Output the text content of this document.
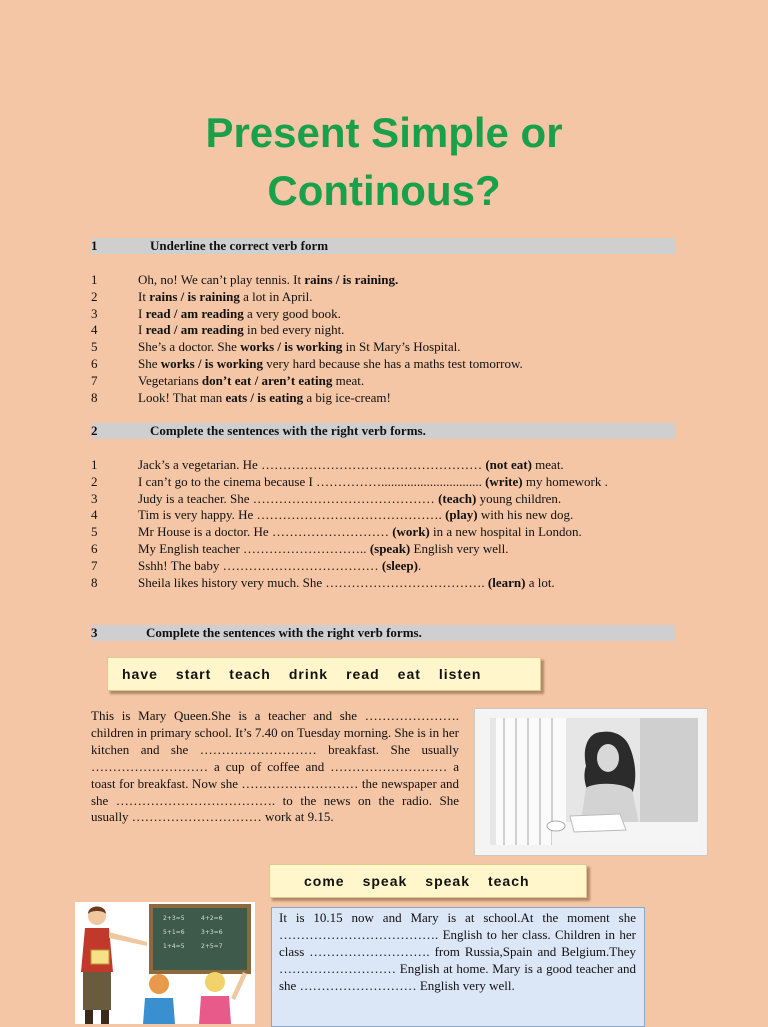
Present Simple or
Continous?
1	Underline the correct verb form
1	Oh, no! We can’t play tennis. It rains / is raining.
2	It rains / is raining a lot in April.
3	I read / am reading a very good book.
4	I read / am reading in bed every night.
5	She’s a doctor. She works / is working in St Mary’s Hospital.
6	She works / is working very hard because she has a maths test tomorrow.
7	Vegetarians don’t eat / aren’t eating meat.
8	Look! That man eats / is eating a big ice-cream!
2	Complete the sentences with the right verb forms.
1	Jack’s a vegetarian. He …………………………………………… (not eat) meat.
2	I can’t go to the cinema because I ……………............................... (write) my homework .
3	Judy is a teacher. She …………………………………… (teach) young children.
4	Tim is very happy. He ……………………………………. (play) with his new dog.
5	Mr House is a doctor. He ……………………… (work) in a new hospital in London.
6	My English teacher ……………………….. (speak) English very well.
7	Sshh! The baby ……………………………… (sleep).
8	Sheila likes history very much. She ………………………………. (learn) a lot.
3	Complete the sentences with the right verb forms.
have start teach drink read eat listen
This is Mary Queen.She is a teacher and she …………………. children in primary school. It’s 7.40 on Tuesday morning. She is in her kitchen and she ……………………… breakfast. She usually ……………………… a cup of coffee and ……………………… a toast for breakfast. Now she ……………………… the newspaper and she ………………………………. to the news on the radio. She usually ………………………… work at 9.15.
come speak speak teach
2+3=5	4+2=6
5+1=6	3+3=6
1+4=5	2+5=7
It is 10.15 now and Mary is at school.At the moment she ………………………………. English to her class. Children in her class ………………………. from Russia,Spain and Belgium.They ……………………… English at home. Mary is a good teacher and she ……………………… English very well.
